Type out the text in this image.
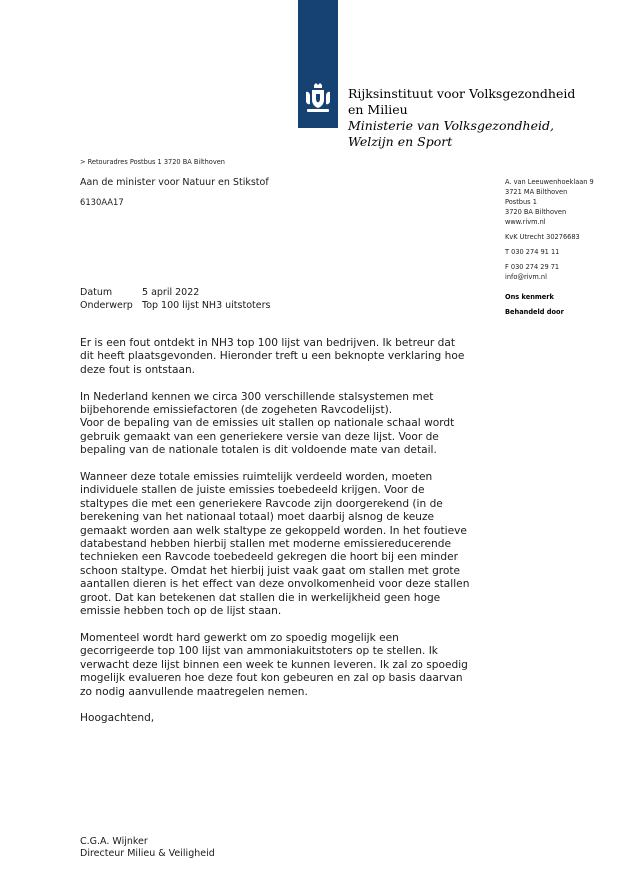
Rijksinstituut voor Volksgezondheid
en Milieu
Ministerie van Volksgezondheid,
Welzijn en Sport
> Retouradres Postbus 1 3720 BA Bilthoven
Aan de minister voor Natuur en Stikstof
6130AA17
A. van Leeuwenhoeklaan 9
3721 MA Bilthoven
Postbus 1
3720 BA Bilthoven
www.rivm.nl
KvK Utrecht 30276683
T 030 274 91 11
F 030 274 29 71
info@rivm.nl
Ons kenmerk
Behandeld door
Datum	5 april 2022
Onderwerp Top 100 lijst NH3 uitstoters

Er is een fout ontdekt in NH3 top 100 lijst van bedrijven. Ik betreur dat
dit heeft plaatsgevonden. Hieronder treft u een beknopte verklaring hoe
deze fout is ontstaan.

In Nederland kennen we circa 300 verschillende stalsystemen met
bijbehorende emissiefactoren (de zogeheten Ravcodelijst).
Voor de bepaling van de emissies uit stallen op nationale schaal wordt
gebruik gemaakt van een generiekere versie van deze lijst. Voor de
bepaling van de nationale totalen is dit voldoende mate van detail.

Wanneer deze totale emissies ruimtelijk verdeeld worden, moeten
individuele stallen de juiste emissies toebedeeld krijgen. Voor de
staltypes die met een generiekere Ravcode zijn doorgerekend (in de
berekening van het nationaal totaal) moet daarbij alsnog de keuze
gemaakt worden aan welk staltype ze gekoppeld worden. In het foutieve
databestand hebben hierbij stallen met moderne emissiereducerende
technieken een Ravcode toebedeeld gekregen die hoort bij een minder
schoon staltype. Omdat het hierbij juist vaak gaat om stallen met grote
aantallen dieren is het effect van deze onvolkomenheid voor deze stallen
groot. Dat kan betekenen dat stallen die in werkelijkheid geen hoge
emissie hebben toch op de lijst staan.

Momenteel wordt hard gewerkt om zo spoedig mogelijk een
gecorrigeerde top 100 lijst van ammoniakuitstoters op te stellen. Ik
verwacht deze lijst binnen een week te kunnen leveren. Ik zal zo spoedig
mogelijk evalueren hoe deze fout kon gebeuren en zal op basis daarvan
zo nodig aanvullende maatregelen nemen.

Hoogachtend,

C.G.A. Wijnker
Directeur Milieu & Veiligheid
